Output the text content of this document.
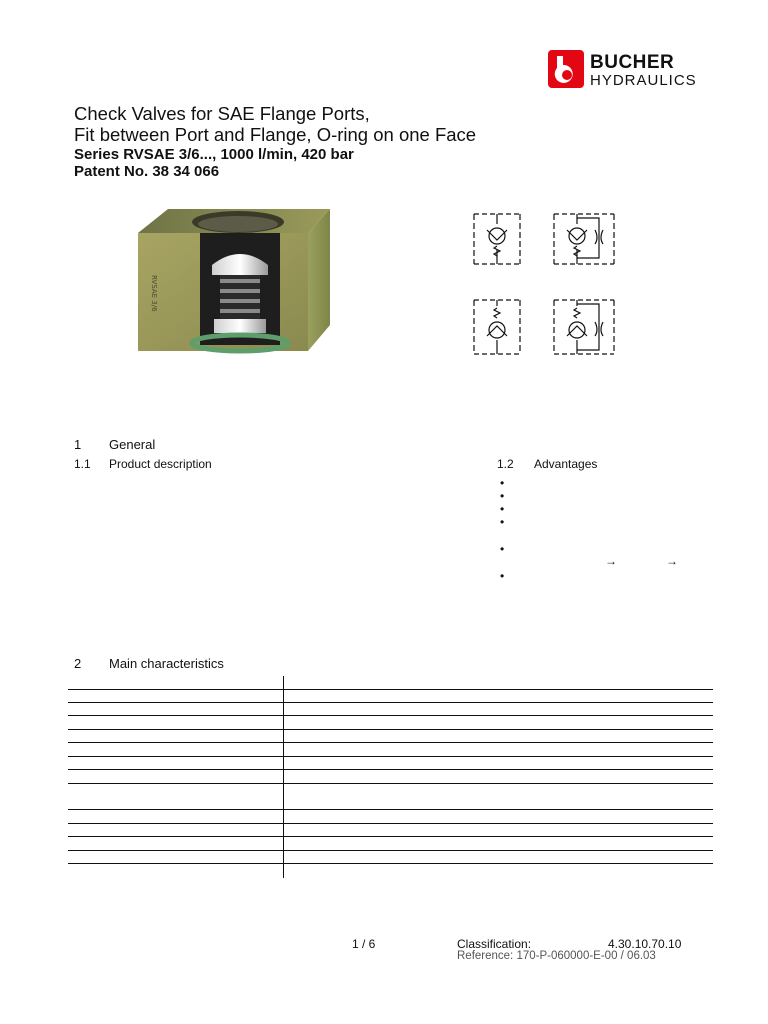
BUCHER
HYDRAULICS
Check Valves for SAE Flange Ports,
Fit between Port and Flange, O-ring on one Face
Series RVSAE 3/6..., 1000 l/min, 420 bar
Patent No. 38 34 066
RVSAE 3/6
1 General
1.1 Product description	1.2 Advantages
•
•
•
•
•
•
→	→
2 Main characteristics
1 / 6	Classification:	4.30.10.70.10
Reference: 170-P-060000-E-00 / 06.03
